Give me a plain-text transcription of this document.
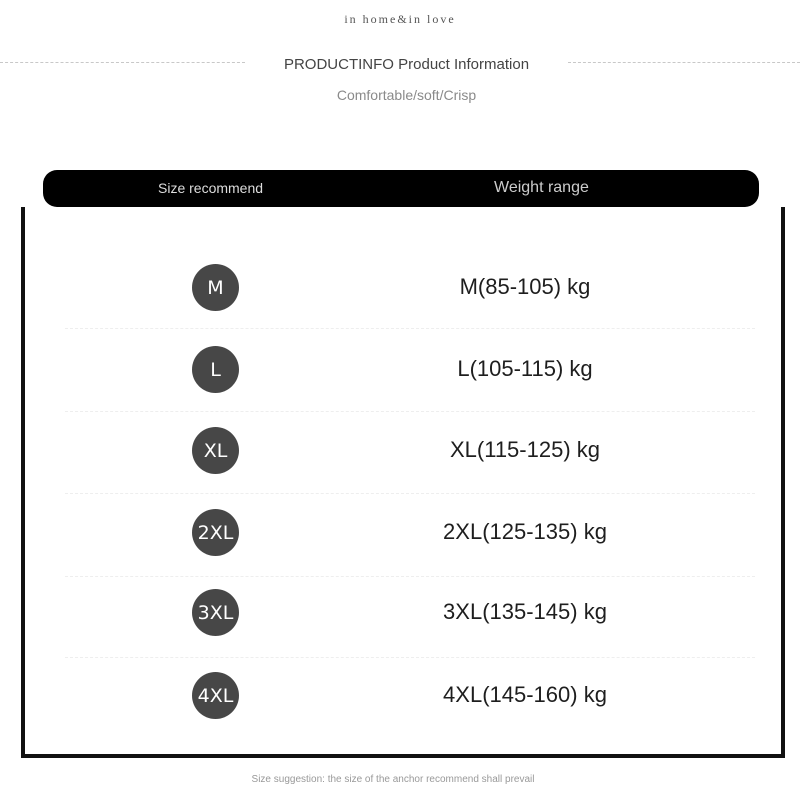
in home&in love
PRODUCTINFO Product Information
Comfortable/soft/Crisp
Size recommend	Weight range
M	M(85-105) kg
L	L(105-115) kg
XL	XL(115-125) kg
2XL	2XL(125-135) kg
3XL	3XL(135-145) kg
4XL	4XL(145-160) kg
Size suggestion: the size of the anchor recommend shall prevail
